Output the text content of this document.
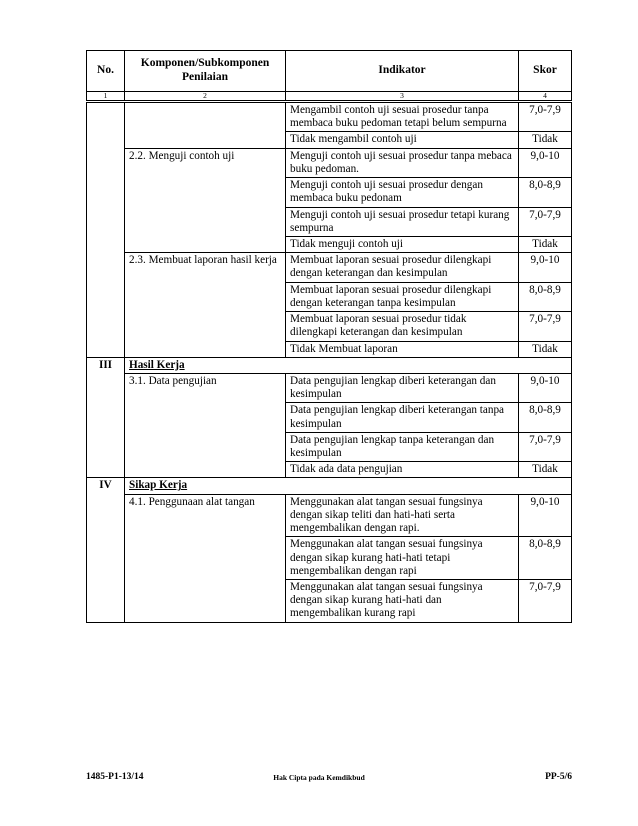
No.	Komponen/Subkomponen Penilaian	Indikator	Skor
1	2	3	4
		Mengambil contoh uji sesuai prosedur tanpa membaca buku pedoman tetapi belum sempurna	7,0-7,9
		Tidak mengambil contoh uji	Tidak
	2.2. Menguji contoh uji	Menguji contoh uji sesuai prosedur tanpa mebaca buku pedoman.	9,0-10
		Menguji contoh uji sesuai prosedur dengan membaca buku pedonam	8,0-8,9
		Menguji contoh uji sesuai prosedur tetapi kurang sempurna	7,0-7,9
		Tidak menguji contoh uji	Tidak
	2.3. Membuat laporan hasil kerja	Membuat laporan sesuai prosedur dilengkapi dengan keterangan dan kesimpulan	9,0-10
		Membuat laporan sesuai prosedur dilengkapi dengan keterangan tanpa kesimpulan	8,0-8,9
		Membuat laporan sesuai prosedur tidak dilengkapi keterangan dan kesimpulan	7,0-7,9
		Tidak Membuat laporan	Tidak
III	Hasil Kerja		
	3.1. Data pengujian	Data pengujian lengkap diberi keterangan dan kesimpulan	9,0-10
		Data pengujian lengkap diberi keterangan tanpa kesimpulan	8,0-8,9
		Data pengujian lengkap tanpa keterangan dan kesimpulan	7,0-7,9
		Tidak ada data pengujian	Tidak
IV	Sikap Kerja		
	4.1. Penggunaan alat tangan	Menggunakan alat tangan sesuai fungsinya dengan sikap teliti dan hati-hati serta mengembalikan dengan rapi.	9,0-10
		Menggunakan alat tangan sesuai fungsinya dengan sikap kurang hati-hati tetapi mengembalikan dengan rapi	8,0-8,9
		Menggunakan alat tangan sesuai fungsinya dengan sikap kurang hati-hati dan mengembalikan kurang rapi	7,0-7,9
1485-P1-13/14	Hak Cipta pada Kemdikbud	PP-5/6
